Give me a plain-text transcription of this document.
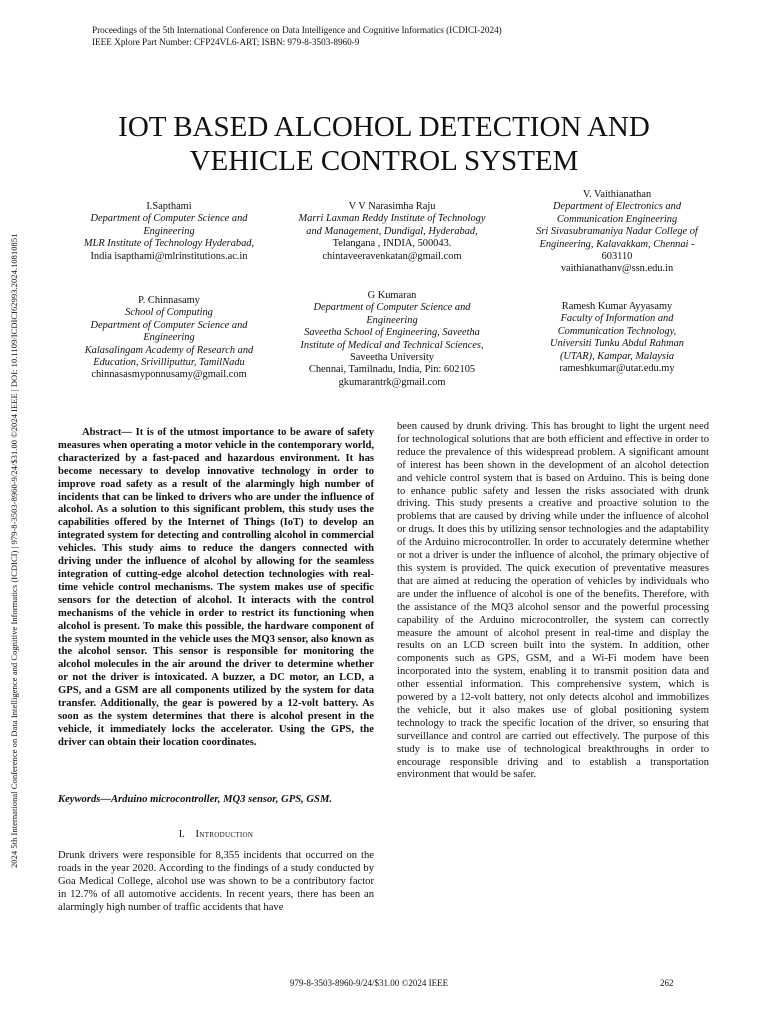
Proceedings of the 5th International Conference on Data Intelligence and Cognitive Informatics (ICDICI-2024)
IEEE Xplore Part Number: CFP24VL6-ART; ISBN: 979-8-3503-8960-9
2024 5th International Conference on Data Intelligence and Cognitive Informatics (ICDICI) | 979-8-3503-8960-9/24/$31.00 ©2024 IEEE | DOI: 10.1109/ICDICI62993.2024.10810851
IOT BASED ALCOHOL DETECTION AND
VEHICLE CONTROL SYSTEM
I.Sapthami
Department of Computer Science and
Engineering
MLR Institute of Technology Hyderabad,
India isapthami@mlrinstitutions.ac.in
V V Narasimha Raju
Marri Laxman Reddy Institute of Technology
and Management, Dundigal, Hyderabad,
Telangana , INDIA, 500043.
chintaveeravenkatan@gmail.com
V. Vaithianathan
Department of Electronics and
Communication Engineering
Sri Sivasubramaniya Nadar College of
Engineering, Kalavakkam, Chennai -
603110
vaithianathanv@ssn.edu.in
P. Chinnasamy
School of Computing
Department of Computer Science and
Engineering
Kalasalingam Academy of Research and
Education, Srivilliputtur, TamilNadu
chinnasasmyponnusamy@gmail.com
G Kumaran
Department of Computer Science and
Engineering
Saveetha School of Engineering, Saveetha
Institute of Medical and Technical Sciences,
Saveetha University
Chennai, Tamilnadu, India, Pin: 602105
gkumarantrk@gmail.com
Ramesh Kumar Ayyasamy
Faculty of Information and
Communication Technology,
Universiti Tunku Abdul Rahman
(UTAR), Kampar, Malaysia
rameshkumar@utar.edu.my

Abstract— It is of the utmost importance to be aware of safety measures when operating a motor vehicle in the contemporary world, characterized by a fast-paced and hazardous environment. It has become necessary to develop innovative technology in order to improve road safety as a result of the alarmingly high number of incidents that can be linked to drivers who are under the influence of alcohol. As a solution to this significant problem, this study uses the capabilities offered by the Internet of Things (IoT) to develop an integrated system for detecting and controlling alcohol in commercial vehicles. This study aims to reduce the dangers connected with driving under the influence of alcohol by allowing for the seamless integration of cutting-edge alcohol detection technologies with real-time vehicle control mechanisms. The system makes use of specific sensors for the detection of alcohol. It interacts with the control mechanisms of the vehicle in order to restrict its functioning when alcohol is present. To make this possible, the hardware component of the system mounted in the vehicle uses the MQ3 sensor, also known as the alcohol sensor. This sensor is responsible for monitoring the alcohol molecules in the air around the driver to determine whether or not the driver is intoxicated. A buzzer, a DC motor, an LCD, a GPS, and a GSM are all components utilized by the system for data transfer. Additionally, the gear is powered by a 12-volt battery. As soon as the system determines that there is alcohol present in the vehicle, it immediately locks the accelerator. Using the GPS, the driver can obtain their location coordinates.

Keywords—Arduino microcontroller, MQ3 sensor, GPS, GSM.
I. Introduction

Drunk drivers were responsible for 8,355 incidents that occurred on the roads in the year 2020. According to the findings of a study conducted by Goa Medical College, alcohol use was shown to be a contributory factor in 12.7% of all automotive accidents. In recent years, there has been an alarmingly high number of traffic accidents that have

been caused by drunk driving. This has brought to light the urgent need for technological solutions that are both efficient and effective in order to reduce the prevalence of this widespread problem. A significant amount of interest has been shown in the development of an alcohol detection and vehicle control system that is based on Arduino. This is being done to enhance public safety and lessen the risks associated with drunk driving. This study presents a creative and proactive solution to the problems that are caused by driving while under the influence of alcohol or drugs. It does this by utilizing sensor technologies and the adaptability of the Arduino microcontroller. In order to accurately determine whether or not a driver is under the influence of alcohol, the primary objective of this system is provided. The quick execution of preventative measures that are aimed at reducing the operation of vehicles by individuals who are under the influence of alcohol is one of the benefits. Therefore, with the assistance of the MQ3 alcohol sensor and the powerful processing capability of the Arduino microcontroller, the system can correctly measure the amount of alcohol present in real-time and display the results on an LCD screen built into the system. In addition, other components such as GPS, GSM, and a Wi-Fi modem have been incorporated into the system, enabling it to transmit position data and other essential information. This comprehensive system, which is powered by a 12-volt battery, not only detects alcohol and immobilizes the vehicle, but it also makes use of global positioning system technology to track the specific location of the driver, so ensuring that surveillance and control are carried out effectively. The purpose of this study is to make use of technological breakthroughs in order to encourage responsible driving and to establish a transportation environment that would be safer.

979-8-3503-8960-9/24/$31.00 ©2024 IEEE	262
